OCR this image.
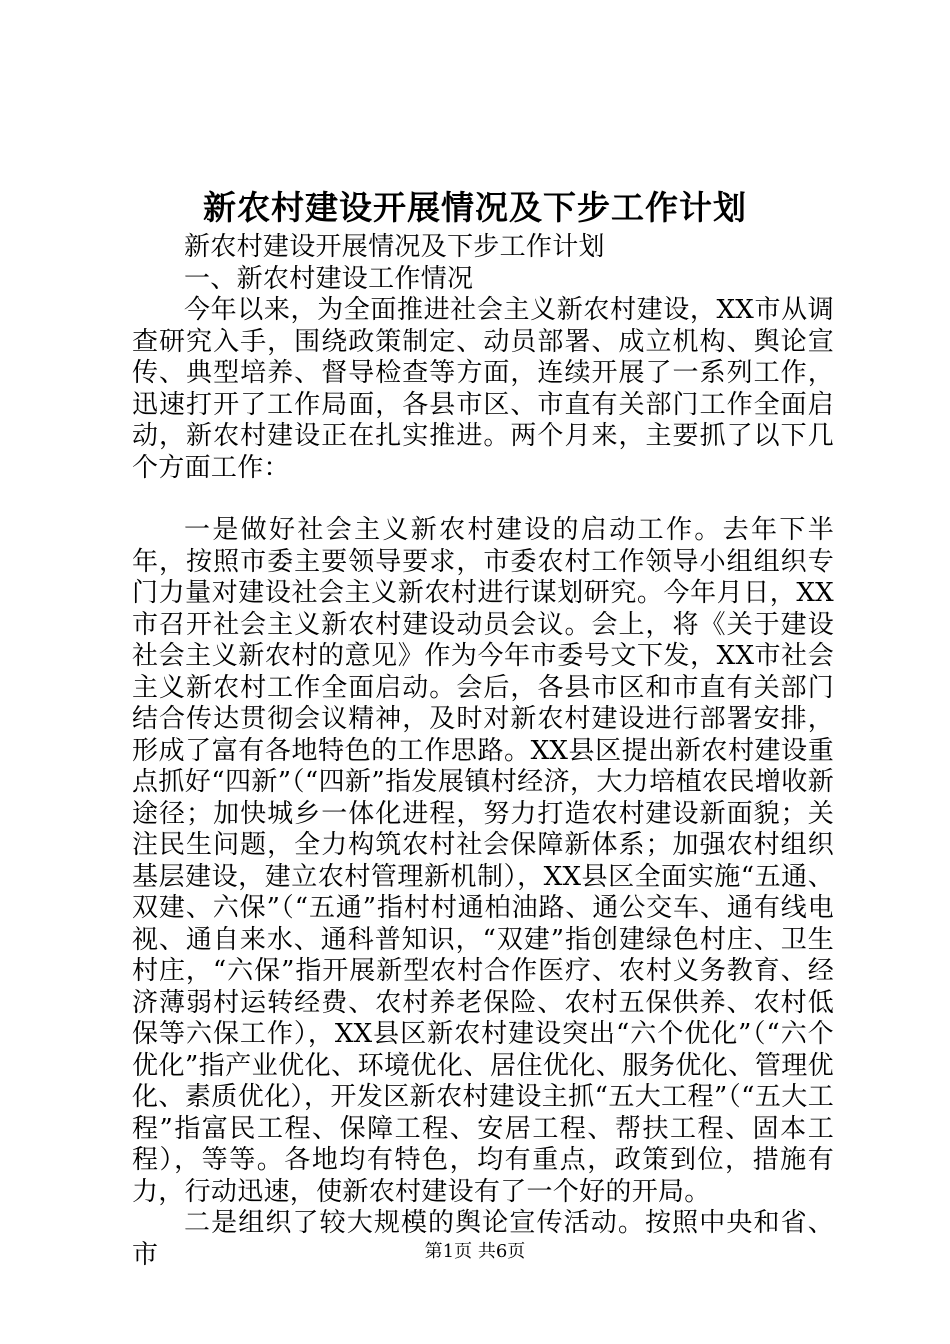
新农村建设开展情况及下步工作计划

新农村建设开展情况及下步工作计划

一、新农村建设工作情况

今年以来，为全面推进社会主义新农村建设，XX市从调查研究入手，围绕政策制定、动员部署、成立机构、舆论宣传、典型培养、督导检查等方面，连续开展了一系列工作，迅速打开了工作局面，各县市区、市直有关部门工作全面启动，新农村建设正在扎实推进。两个月来，主要抓了以下几个方面工作：

一是做好社会主义新农村建设的启动工作。去年下半年，按照市委主要领导要求，市委农村工作领导小组组织专门力量对建设社会主义新农村进行谋划研究。今年月日，XX市召开社会主义新农村建设动员会议。会上，将《关于建设社会主义新农村的意见》作为今年市委号文下发，XX市社会主义新农村工作全面启动。会后，各县市区和市直有关部门结合传达贯彻会议精神，及时对新农村建设进行部署安排，形成了富有各地特色的工作思路。XX县区提出新农村建设重点抓好“四新”（“四新”指发展镇村经济，大力培植农民增收新途径；加快城乡一体化进程，努力打造农村建设新面貌；关注民生问题，全力构筑农村社会保障新体系；加强农村组织基层建设，建立农村管理新机制），XX县区全面实施“五通、双建、六保”（“五通”指村村通柏油路、通公交车、通有线电视、通自来水、通科普知识，“双建”指创建绿色村庄、卫生村庄，“六保”指开展新型农村合作医疗、农村义务教育、经济薄弱村运转经费、农村养老保险、农村五保供养、农村低保等六保工作），XX县区新农村建设突出“六个优化”（“六个优化”指产业优化、环境优化、居住优化、服务优化、管理优化、素质优化），开发区新农村建设主抓“五大工程”（“五大工程”指富民工程、保障工程、安居工程、帮扶工程、固本工程），等等。各地均有特色，均有重点，政策到位，措施有力，行动迅速，使新农村建设有了一个好的开局。

二是组织了较大规模的舆论宣传活动。按照中央和省、市	第1页 共6页
